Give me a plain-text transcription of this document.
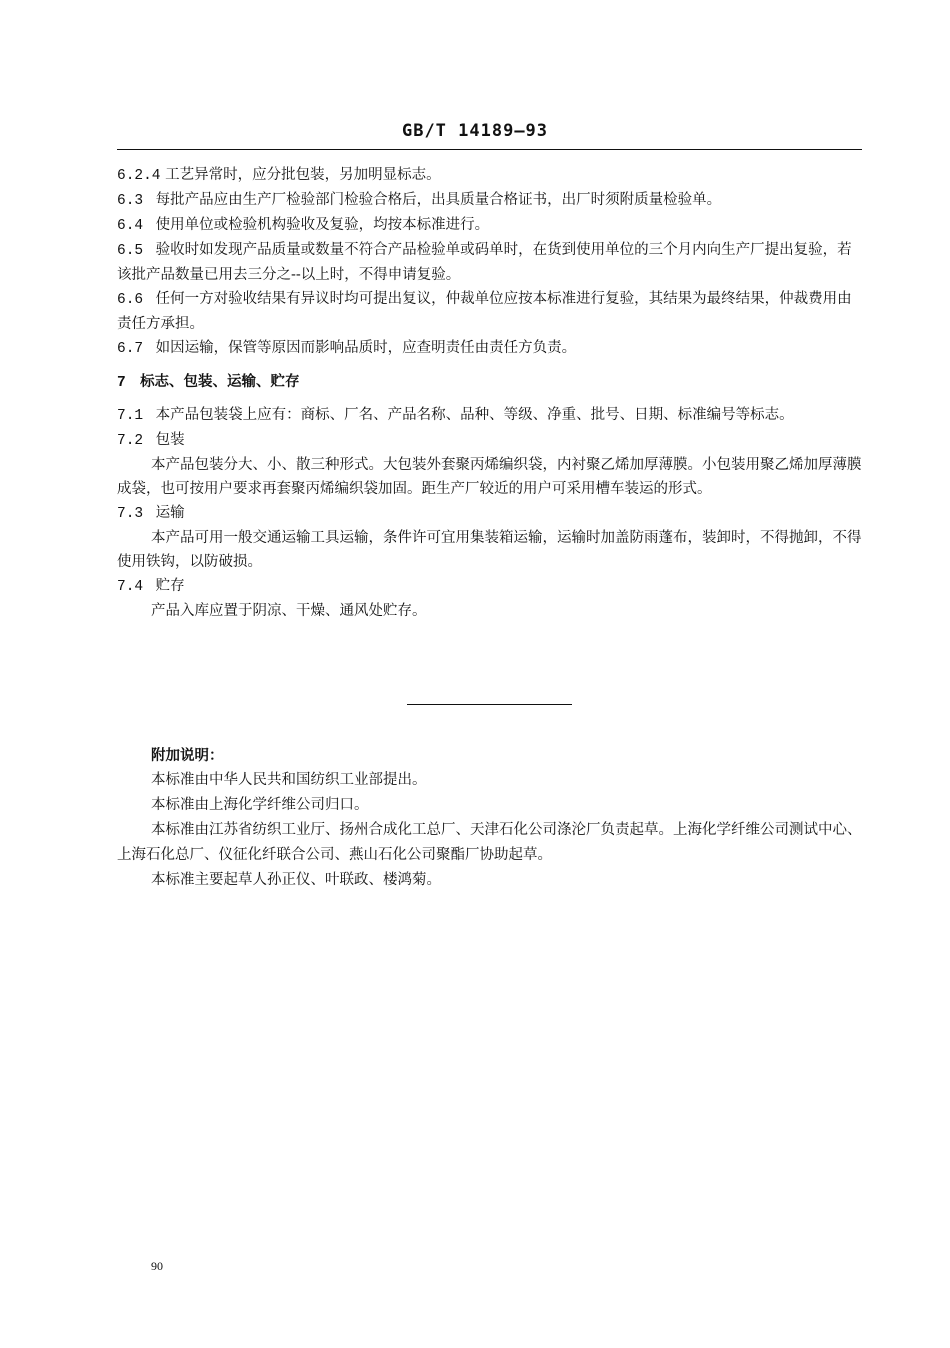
GB/T 14189—93

6.2.4 工艺异常时，应分批包装，另加明显标志。

6.3 每批产品应由生产厂检验部门检验合格后，出具质量合格证书，出厂时须附质量检验单。

6.4 使用单位或检验机构验收及复验，均按本标准进行。

6.5 验收时如发现产品质量或数量不符合产品检验单或码单时，在货到使用单位的三个月内向生产厂提出复验，若该批产品数量已用去三分之--以上时，不得申请复验。

6.6 任何一方对验收结果有异议时均可提出复议，仲裁单位应按本标准进行复验，其结果为最终结果，仲裁费用由责任方承担。

6.7 如因运输，保管等原因而影响品质时，应查明责任由责任方负责。

7 标志、包装、运输、贮存

7.1 本产品包装袋上应有：商标、厂名、产品名称、品种、等级、净重、批号、日期、标准编号等标志。

7.2 包装

本产品包装分大、小、散三种形式。大包装外套聚丙烯编织袋，内衬聚乙烯加厚薄膜。小包装用聚乙烯加厚薄膜成袋，也可按用户要求再套聚丙烯编织袋加固。距生产厂较近的用户可采用槽车装运的形式。

7.3 运输

本产品可用一般交通运输工具运输，条件许可宜用集装箱运输，运输时加盖防雨蓬布，装卸时，不得抛卸，不得使用铁钩，以防破损。

7.4 贮存

产品入库应置于阴凉、干燥、通风处贮存。

附加说明：

本标准由中华人民共和国纺织工业部提出。

本标准由上海化学纤维公司归口。

本标准由江苏省纺织工业厅、扬州合成化工总厂、天津石化公司涤沦厂负责起草。上海化学纤维公司测试中心、上海石化总厂、仪征化纤联合公司、燕山石化公司聚酯厂协助起草。

本标准主要起草人孙正仪、叶联政、楼鸿菊。

90
